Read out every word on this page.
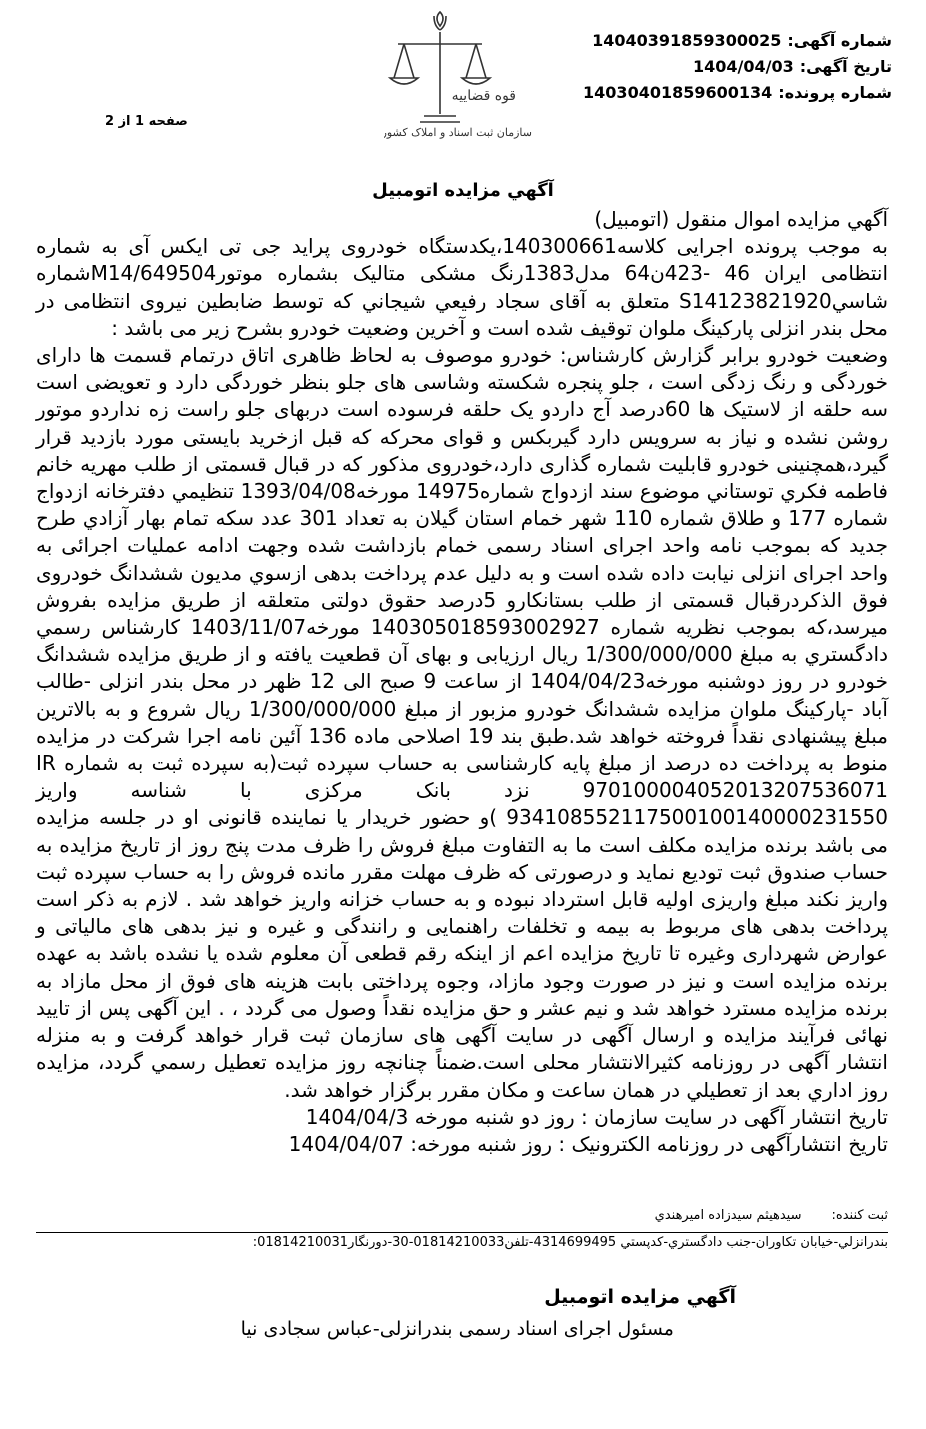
شماره آگهی:14040391859300025
تاریخ آگهی:1404/04/03
شماره پرونده:14030401859600134
قوه قضاییه
سازمان ثبت اسناد و املاک کشور
صفحه 1 از 2
آگهي مزايده اتومبيل

آگهي مزايده اموال منقول (اتومبيل)

به موجب پرونده اجرایی کلاسه140300661،یکدستگاه خودروی پراید جی تی ایکس آی به شماره انتظامی ایران 46 -423ن64 مدل1383رنگ مشکی متالیک بشماره موتورM14/649504شماره شاسيS14123821920 متعلق به آقای سجاد رفيعي شيجاني که توسط ضابطین نیروی انتظامی در محل بندر انزلی پارکینگ ملوان توقیف شده است و آخرین وضعیت خودرو بشرح زیر می باشد :

وضعیت خودرو برابر گزارش کارشناس: خودرو موصوف به لحاظ ظاهری اتاق درتمام قسمت ها دارای خوردگی و رنگ زدگی است ، جلو پنجره شکسته وشاسی های جلو بنظر خوردگی دارد و تعویضی است سه حلقه از لاستیک ها 60درصد آج داردو یک حلقه فرسوده است دربهای جلو راست زه نداردو موتور روشن نشده و نیاز به سرویس دارد گیربکس و قوای محرکه که قبل ازخرید بایستی مورد بازدید قرار گیرد،همچنینی خودرو قابلیت شماره گذاری دارد،خودروی مذکور که در قبال قسمتی از طلب مهريه خانم فاطمه فكري توستاني موضوع سند ازدواج شماره14975 مورخه1393/04/08 تنظيمي دفترخانه ازدواج شماره 177 و طلاق شماره 110 شهر خمام استان گیلان به تعداد 301 عدد سكه تمام بهار آزادي طرح جديد كه بموجب نامه واحد اجرای اسناد رسمی خمام بازداشت شده وجهت ادامه عملیات اجرائی به واحد اجرای انزلی نیابت داده شده است و به دلیل عدم پرداخت بدهی ازسوي مديون ششدانگ خودروی فوق الذکردرقبال قسمتی از طلب بستانکارو 5درصد حقوق دولتی متعلقه از طریق مزایده بفروش میرسد،که بموجب نظريه شماره 140305018593002927 مورخه1403/11/07 کارشناس رسمي دادگستري به مبلغ 1/300/000/000 ریال ارزیابی و بهای آن قطعیت یافته و از طریق مزایده ششدانگ خودرو در روز دوشنبه مورخه1404/04/23 از ساعت 9 صبح الی 12 ظهر در محل بندر انزلی -طالب آباد -پارکینگ ملوان مزایده ششدانگ خودرو مزبور از مبلغ 1/300/000/000 ریال شروع و به بالاترین مبلغ پیشنهادی نقداً فروخته خواهد شد.طبق بند 19 اصلاحی ماده 136 آئین نامه اجرا شرکت در مزایده منوط به پرداخت ده درصد از مبلغ پایه کارشناسی به حساب سپرده ثبت(به سپرده ثبت به شماره IR 970100004052013207536071 نزد بانک مرکزی با شناسه واریز 934108552117500100140000231550 )و حضور خریدار یا نماینده قانونی او در جلسه مزایده می باشد برنده مزایده مکلف است ما به التفاوت مبلغ فروش را ظرف مدت پنج روز از تاریخ مزایده به حساب صندوق ثبت تودیع نماید و درصورتی که ظرف مهلت مقرر مانده فروش را به حساب سپرده ثبت واریز نکند مبلغ واریزی اولیه قابل استرداد نبوده و به حساب خزانه واریز خواهد شد . لازم به ذکر است پرداخت بدهی های مربوط به بیمه و تخلفات راهنمایی و رانندگی و غیره و نیز بدهی های مالیاتی و عوارض شهرداری وغیره تا تاریخ مزایده اعم از اینکه رقم قطعی آن معلوم شده یا نشده باشد به عهده برنده مزایده است و نیز در صورت وجود مازاد، وجوه پرداختی بابت هزینه های فوق از محل مازاد به برنده مزایده مسترد خواهد شد و نیم عشر و حق مزایده نقداً وصول می گردد ، . این آگهی پس از تایید نهائی فرآیند مزایده و ارسال آگهی در سایت آگهی های سازمان ثبت قرار خواهد گرفت و به منزله انتشار آگهی در روزنامه كثيرالانتشار محلی است.ضمناً چنانچه روز مزايده تعطيل رسمي گردد، مزايده روز اداري بعد از تعطيلي در همان ساعت و مكان مقرر برگزار خواهد شد.

تاريخ انتشار آگهی در سایت سازمان : روز دو شنبه مورخه 1404/04/3

تاريخ انتشارآگهی در روزنامه الکترونیک : روز شنبه مورخه: 1404/04/07

ثبت کننده:سیدهیثم سیدزاده امیرهندي
بندرانزلي-خيابان تكاوران-جنب دادگستري-كدپستي 4314699495-تلفن01814210033-30-دورنگار01814210031:
آگهي مزايده اتومبيل
مسئول اجرای اسناد رسمی بندرانزلی-عباس سجادی نیا
